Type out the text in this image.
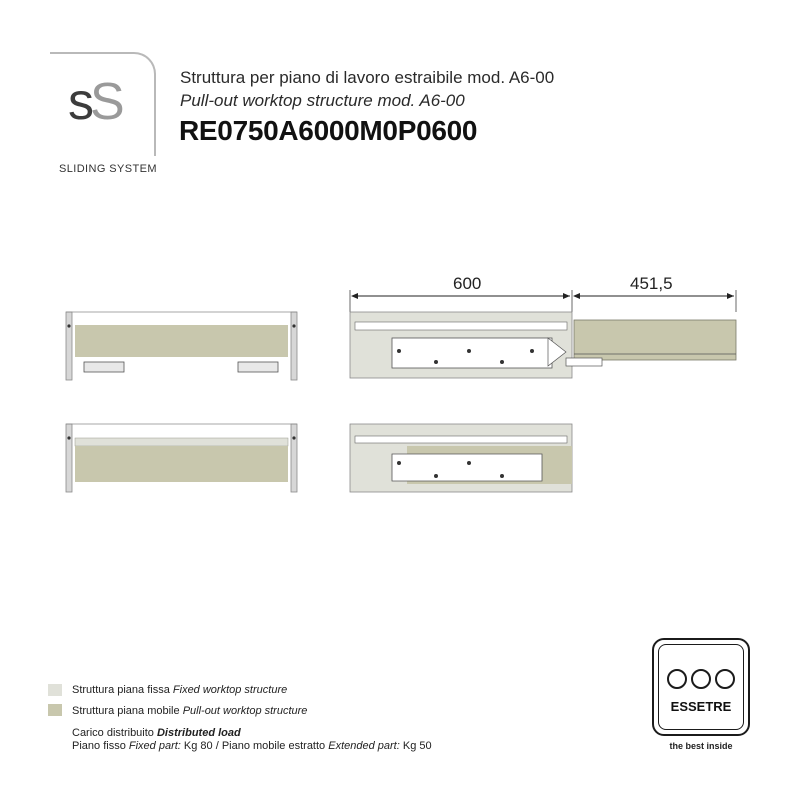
sS
SLIDING SYSTEM
Struttura per piano di lavoro estraibile mod. A6-00
Pull-out worktop structure mod. A6-00
RE0750A6000M0P0600
600	451,5
Struttura piana fissa Fixed worktop structure
Struttura piana mobile Pull-out worktop structure
Carico distribuito Distributed load
Piano fisso Fixed part: Kg 80 / Piano mobile estratto Extended part: Kg 50
ESSETRE
the best inside
